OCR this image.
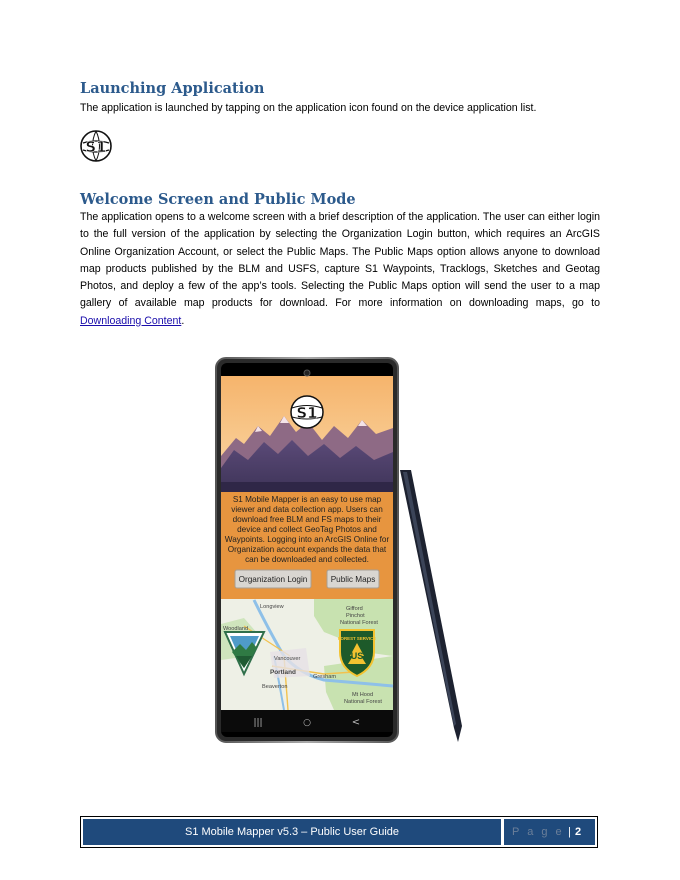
Launching Application

The application is launched by tapping on the application icon found on the device application list.

S1
Welcome Screen and Public Mode

The application opens to a welcome screen with a brief description of the application. The user can either login to the full version of the application by selecting the Organization Login button, which requires an ArcGIS Online Organization Account, or select the Public Maps. The Public Maps option allows anyone to download map products published by the BLM and USFS, capture S1 Waypoints, Tracklogs, Sketches and Geotag Photos, and deploy a few of the app’s tools. Selecting the Public Maps option will send the user to a map gallery of available map products for download. For more information on downloading maps, go to Downloading Content.

S1
S1 Mobile Mapper is an easy to use map
viewer and data collection app. Users can
download free BLM and FS maps to their
device and collect GeoTag Photos and
Waypoints. Logging into an ArcGIS Online for
Organization account expands the data that
can be downloaded and collected.
Organization Login	Public Maps
Longview
Woodland
Gifford
Pinchot
National Forest
Vancouver
Portland
Gresham
Beaverton
Mt Hood
National Forest
FOREST SERVICE
US
|||	○	<
S1 Mobile Mapper v5.3 – Public User Guide	P a g e | 2
